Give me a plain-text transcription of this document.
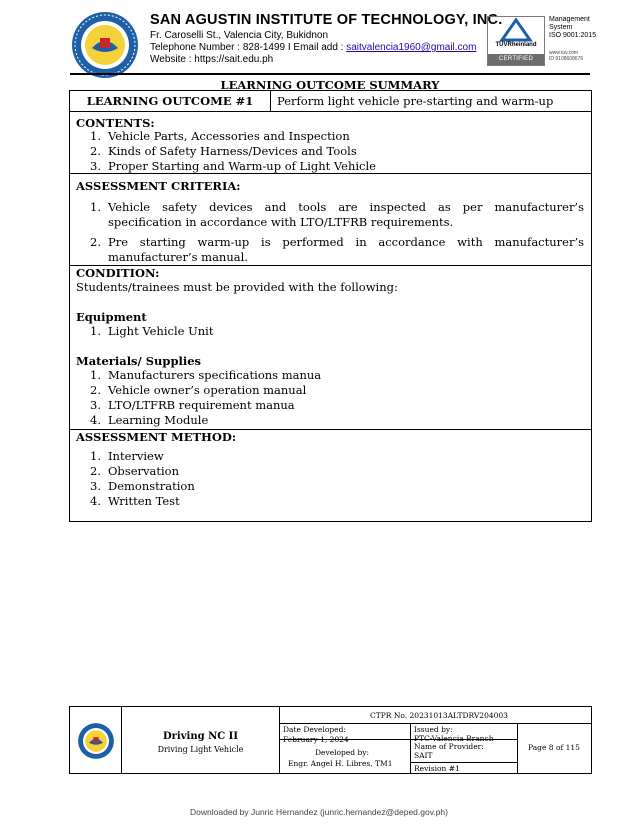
SAN AGUSTIN INSTITUTE OF TECHNOLOGY, INC.
Fr. Caroselli St., Valencia City, Bukidnon
Telephone Number : 828-1499 I Email add : saitvalencia1960@gmail.com
Website : https://sait.edu.ph
TÜVRheinland
CERTIFIED
Management
System
ISO 9001:2015
www.tuv.com
ID 9108608676
LEARNING OUTCOME SUMMARY
LEARNING OUTCOME #1	Perform light vehicle pre-starting and warm-up
CONTENTS:
1. Vehicle Parts, Accessories and Inspection
2. Kinds of Safety Harness/Devices and Tools
3. Proper Starting and Warm-up of Light Vehicle
ASSESSMENT CRITERIA:
1. Vehicle safety devices and tools are inspected as per manufacturer’s
specification in accordance with LTO/LTFRB requirements.
2. Pre starting warm-up is performed in accordance with manufacturer’s
manufacturer’s manual.
CONDITION:
Students/trainees must be provided with the following:
Equipment
1. Light Vehicle Unit
Materials/ Supplies
1. Manufacturers specifications manua
2. Vehicle owner’s operation manual
3. LTO/LTFRB requirement manua
4. Learning Module
ASSESSMENT METHOD:
1. Interview
2. Observation
3. Demonstration
4. Written Test
Driving NC II
Driving Light Vehicle
CTPR No. 20231013ALTDRV204003
Date Developed:
February 1, 2024
Developed by:
Engr. Angel H. Libres, TM1
Issued by:
PTC-Valencia Branch
Name of Provider:
SAIT
Revision #1
Page 8 of 115
Downloaded by Junric Hernandez (junric.hernandez@deped.gov.ph)
